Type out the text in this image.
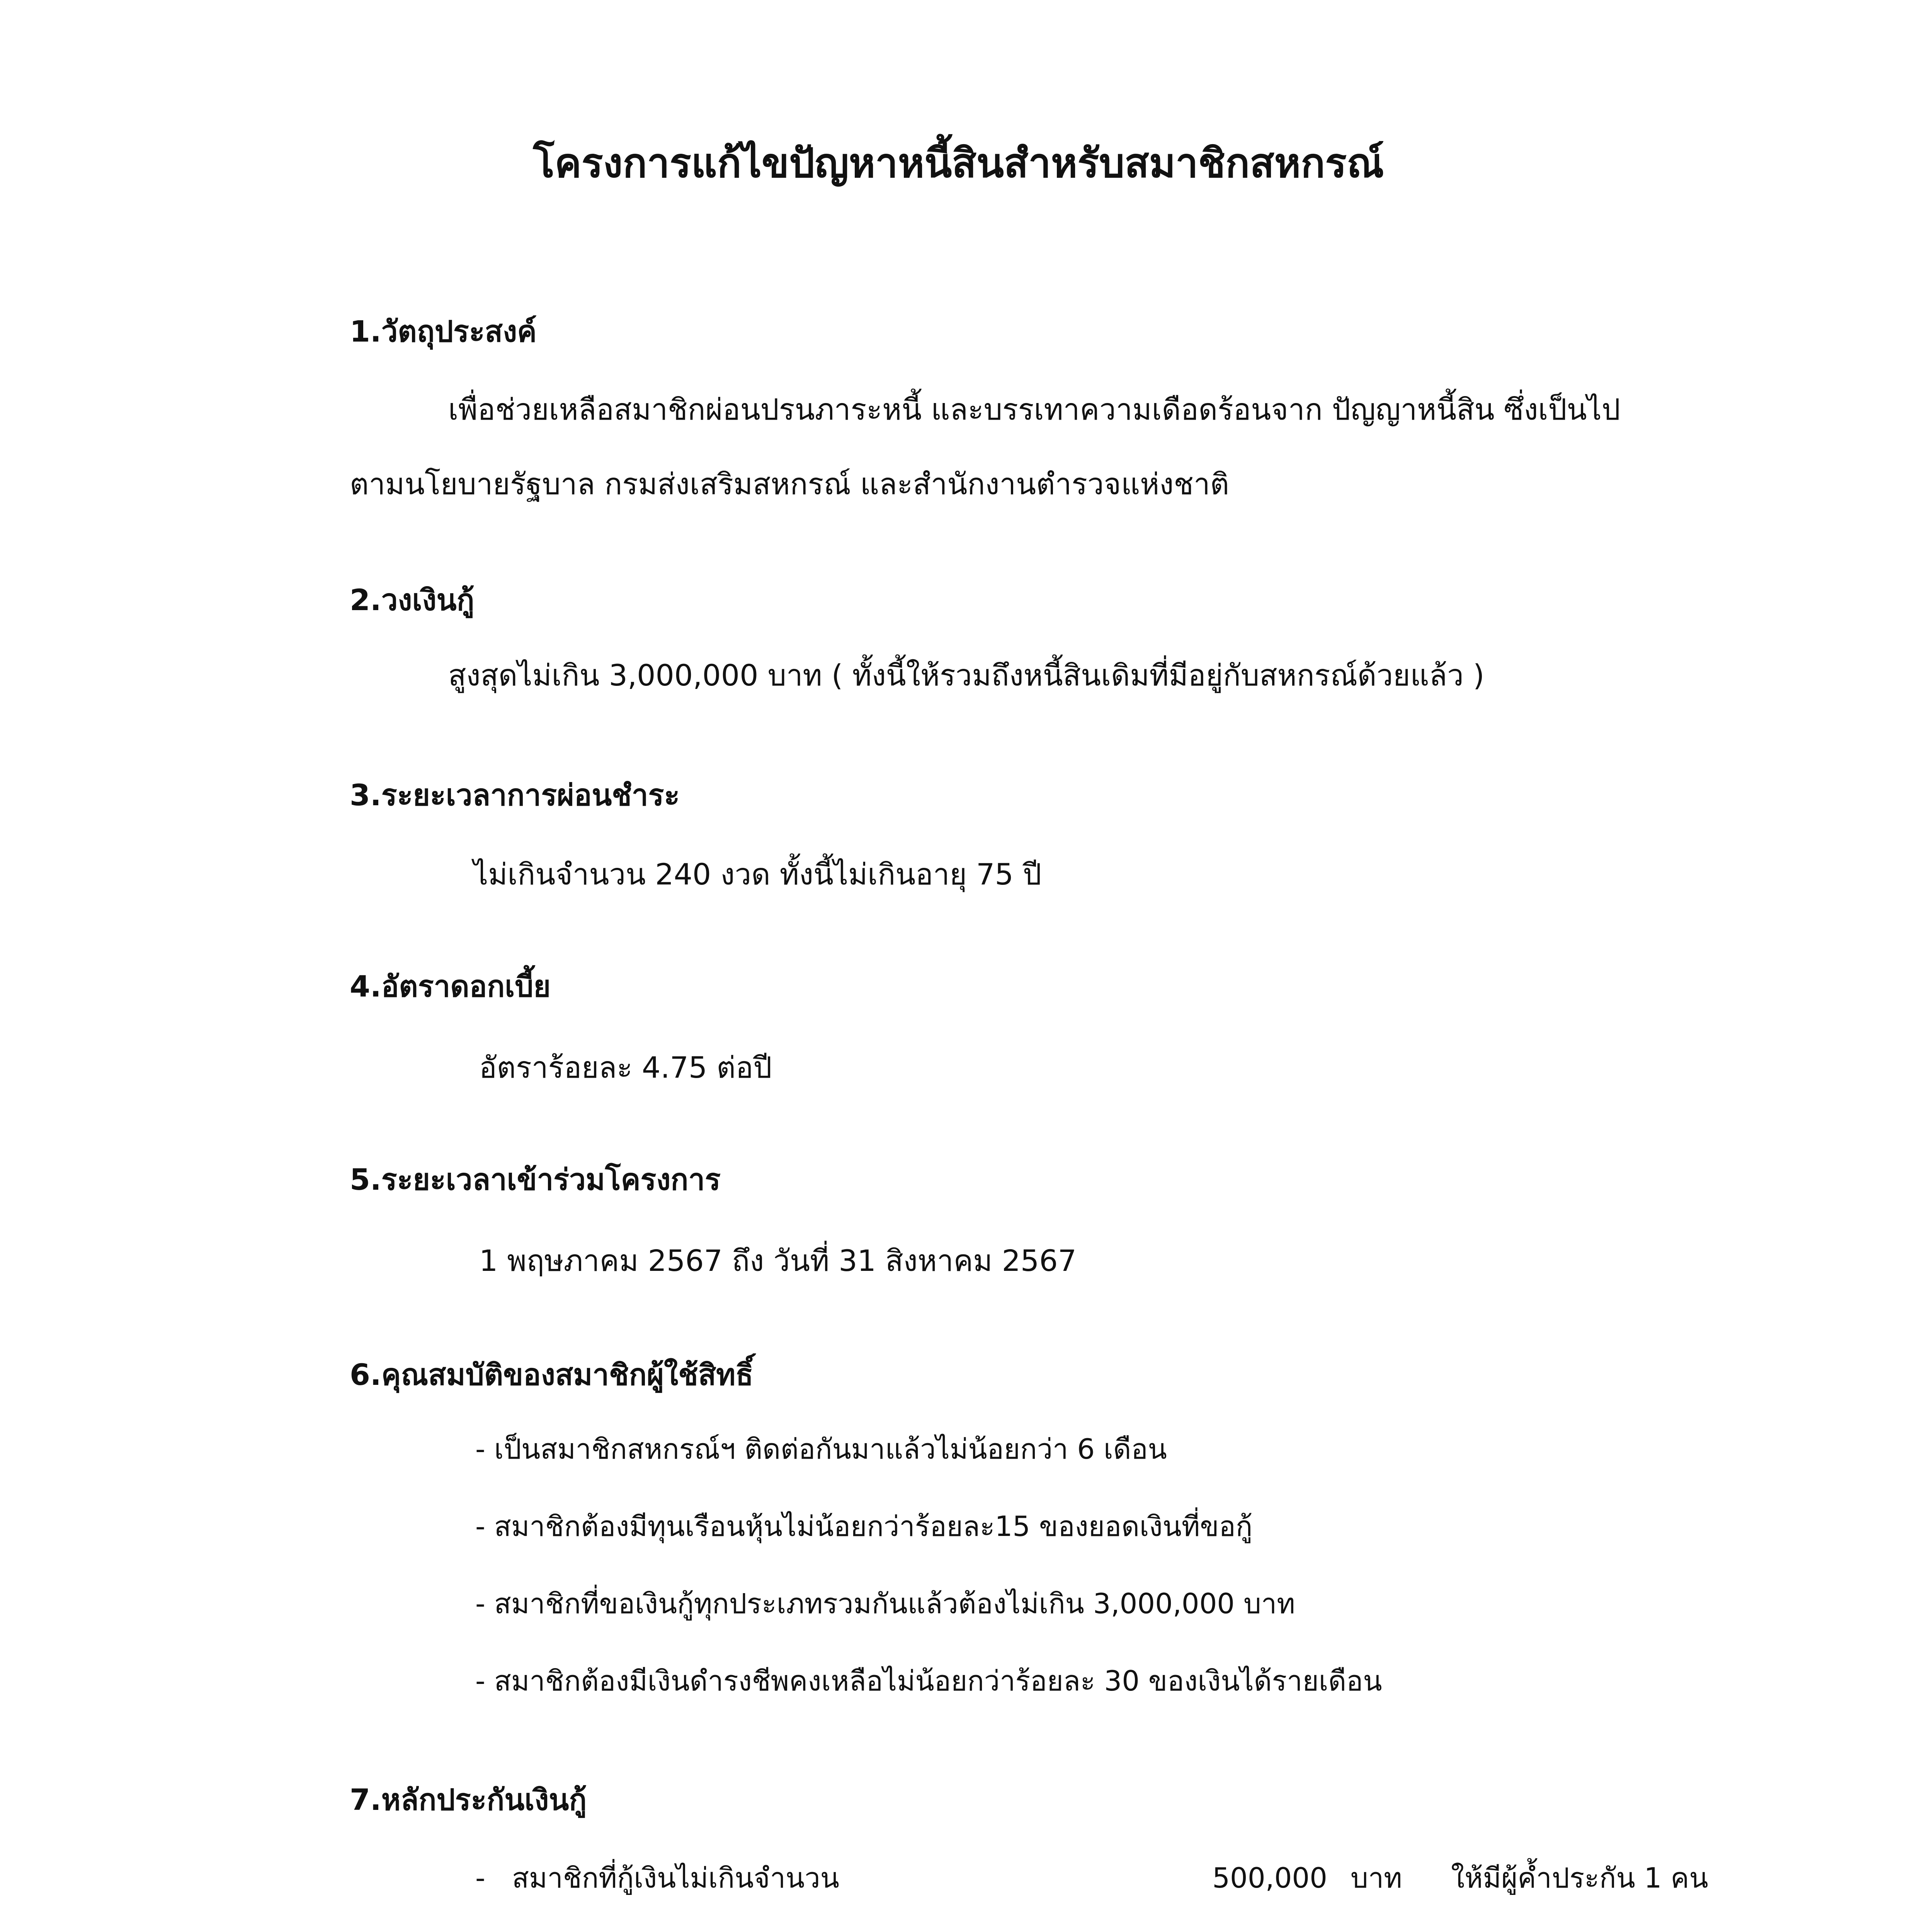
โครงการแก้ไขปัญหาหนี้สินสำหรับสมาชิกสหกรณ์
1.วัตถุประสงค์
เพื่อช่วยเหลือสมาชิกผ่อนปรนภาระหนี้ และบรรเทาความเดือดร้อนจาก ปัญญาหนี้สิน ซึ่งเป็นไป
ตามนโยบายรัฐบาล กรมส่งเสริมสหกรณ์ และสำนักงานตำรวจแห่งชาติ
2.วงเงินกู้
สูงสุดไม่เกิน 3,000,000 บาท ( ทั้งนี้ให้รวมถึงหนี้สินเดิมที่มีอยู่กับสหกรณ์ด้วยแล้ว )
3.ระยะเวลาการผ่อนชำระ
ไม่เกินจำนวน 240 งวด ทั้งนี้ไม่เกินอายุ 75 ปี
4.อัตราดอกเบี้ย
อัตราร้อยละ 4.75 ต่อปี
5.ระยะเวลาเข้าร่วมโครงการ
1 พฤษภาคม 2567 ถึง วันที่ 31 สิงหาคม 2567
6.คุณสมบัติของสมาชิกผู้ใช้สิทธิ์
- เป็นสมาชิกสหกรณ์ฯ ติดต่อกันมาแล้วไม่น้อยกว่า 6 เดือน
- สมาชิกต้องมีทุนเรือนหุ้นไม่น้อยกว่าร้อยละ15 ของยอดเงินที่ขอกู้
- สมาชิกที่ขอเงินกู้ทุกประเภทรวมกันแล้วต้องไม่เกิน 3,000,000 บาท
- สมาชิกต้องมีเงินดำรงชีพคงเหลือไม่น้อยกว่าร้อยละ 30 ของเงินได้รายเดือน
7.หลักประกันเงินกู้
- สมาชิกที่กู้เงินไม่เกินจำนวน	500,000 บาท ให้มีผู้ค้ำประกัน 1 คน
